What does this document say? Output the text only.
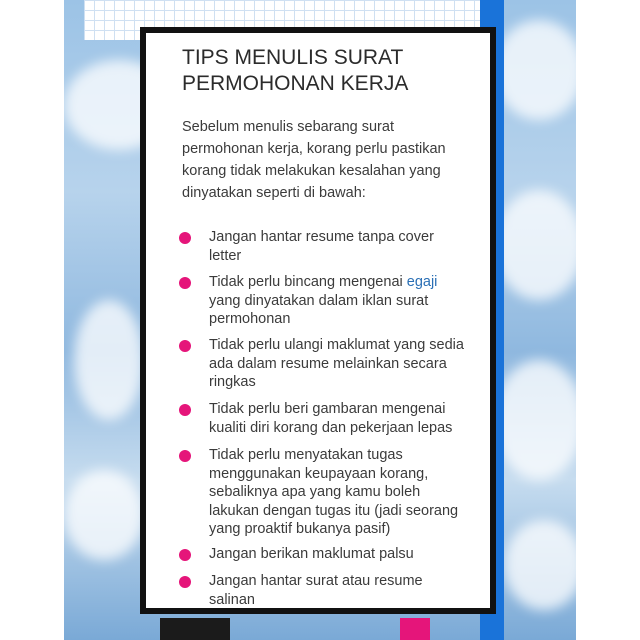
TIPS MENULIS SURAT
PERMOHONAN KERJA

Sebelum menulis sebarang surat
permohonan kerja, korang perlu pastikan
korang tidak melakukan kesalahan yang
dinyatakan seperti di bawah:

Jangan hantar resume tanpa cover
letter
Tidak perlu bincang mengenai egaji
yang dinyatakan dalam iklan surat
permohonan
Tidak perlu ulangi maklumat yang sedia
ada dalam resume melainkan secara
ringkas
Tidak perlu beri gambaran mengenai
kualiti diri korang dan pekerjaan lepas
Tidak perlu menyatakan tugas
menggunakan keupayaan korang,
sebaliknya apa yang kamu boleh
lakukan dengan tugas itu (jadi seorang
yang proaktif bukanya pasif)
Jangan berikan maklumat palsu
Jangan hantar surat atau resume
salinan
